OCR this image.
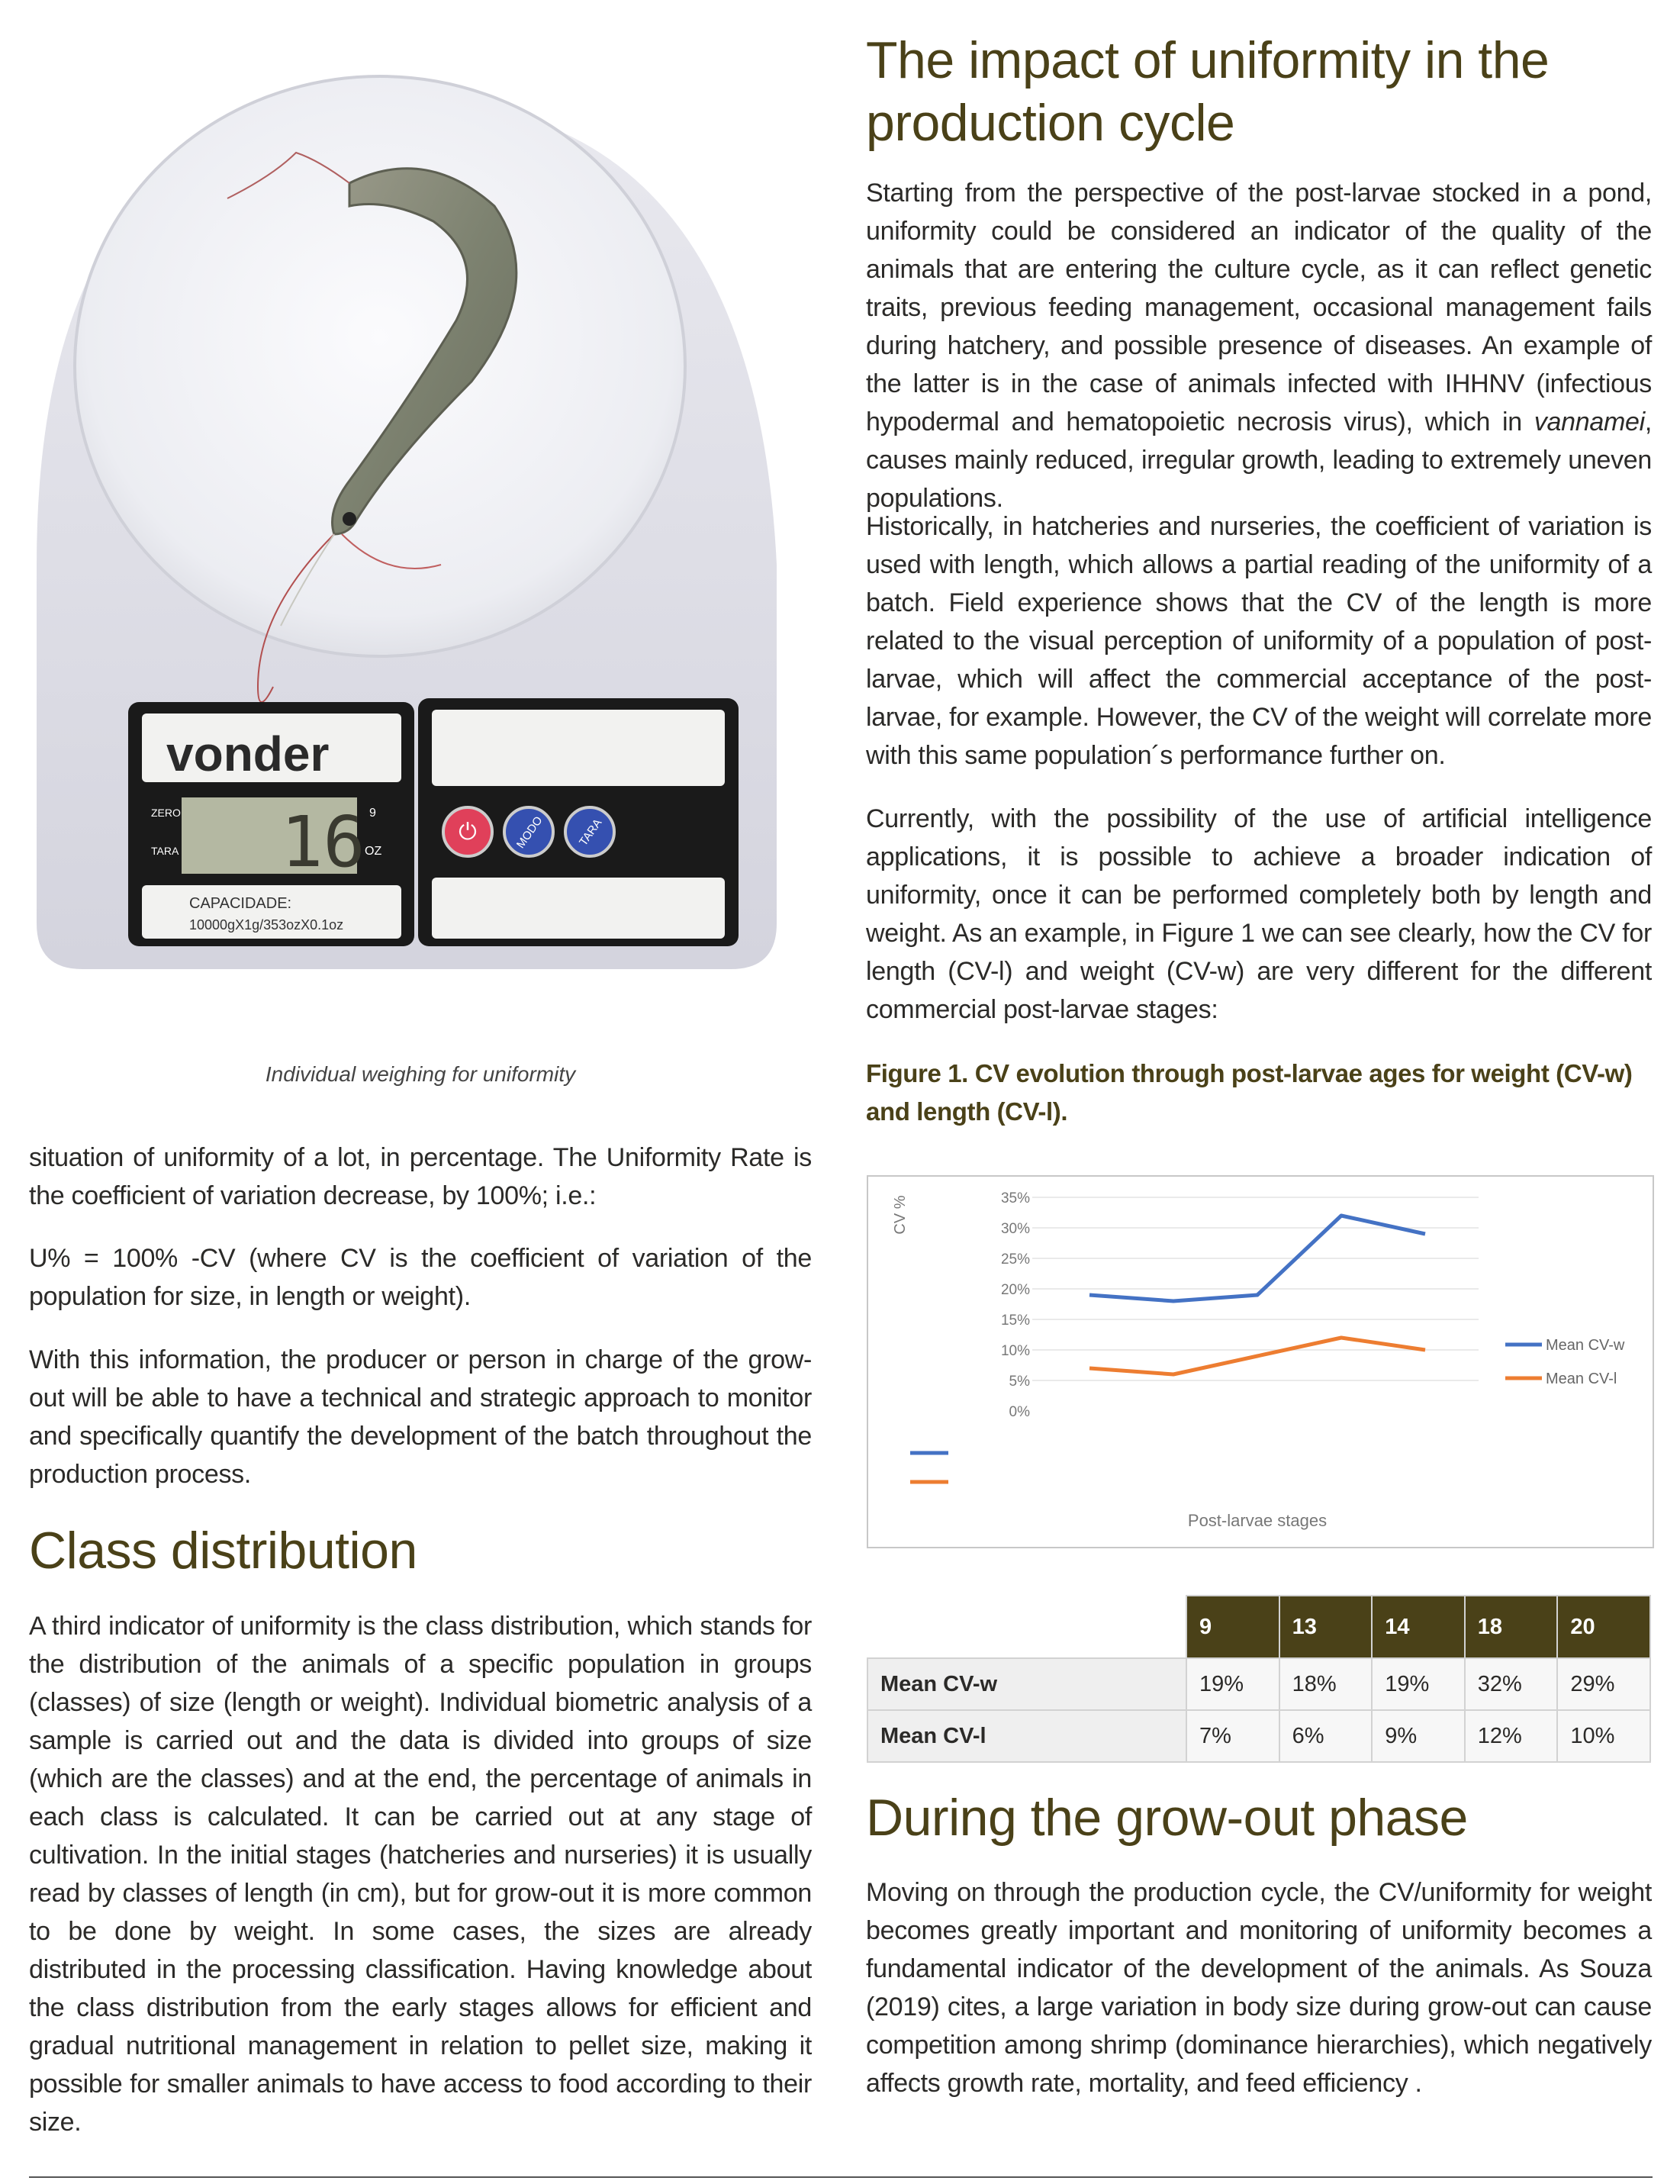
vonder
16
ZERO
TARA
9
OZ
CAPACIDADE:
10000gX1g/353ozX0.1oz
⏻	MODO	TARA
Credit: SynbiAqua
Individual weighing for uniformity

situation of uniformity of a lot, in percentage. The Uniformity Rate is the coefficient of variation decrease, by 100%; i.e.:

U% = 100% -CV (where CV is the coefficient of variation of the population for size, in length or weight).

With this information, the producer or person in charge of the grow-out will be able to have a technical and strategic approach to monitor and specifically quantify the development of the batch throughout the production process.

Class distribution

A third indicator of uniformity is the class distribution, which stands for the distribution of the animals of a specific population in groups (classes) of size (length or weight). Individual biometric analysis of a sample is carried out and the data is divided into groups of size (which are the classes) and at the end, the percentage of animals in each class is calculated. It can be carried out at any stage of cultivation. In the initial stages (hatcheries and nurseries) it is usually read by classes of length (in cm), but for grow-out it is more common to be done by weight. In some cases, the sizes are already distributed in the processing classification. Having knowledge about the class distribution from the early stages allows for efficient and gradual nutritional management in relation to pellet size, making it possible for smaller animals to have access to food according to their size.

The impact of uniformity in the production cycle

Starting from the perspective of the post-larvae stocked in a pond, uniformity could be considered an indicator of the quality of the animals that are entering the culture cycle, as it can reflect genetic traits, previous feeding management, occasional management fails during hatchery, and possible presence of diseases. An example of the latter is in the case of animals infected with IHHNV (infectious hypodermal and hematopoietic necrosis virus), which in vannamei, causes mainly reduced, irregular growth, leading to extremely uneven populations.

Historically, in hatcheries and nurseries, the coefficient of variation is used with length, which allows a partial reading of the uniformity of a batch. Field experience shows that the CV of the length is more related to the visual perception of uniformity of a population of post-larvae, which will affect the commercial acceptance of the post-larvae, for example. However, the CV of the weight will correlate more with this same population´s performance further on.

Currently, with the possibility of the use of artificial intelligence applications, it is possible to achieve a broader indication of uniformity, once it can be performed completely both by length and weight. As an example, in Figure 1 we can see clearly, how the CV for length (CV-l) and weight (CV-w) are very different for the different commercial post-larvae stages:

Figure 1. CV evolution through post-larvae ages for weight (CV-w) and length (CV-l).

35%
30%
25%
20%
15%
10%
5%
0%
CV %
Post-larvae stages
Mean CV-w
Mean CV-l
	9	13	14	18	20
Mean CV-w	19%	18%	19%	32%	29%
Mean CV-l	7%	6%	9%	12%	10%
During the grow-out phase

Moving on through the production cycle, the CV/uniformity for weight becomes greatly important and monitoring of uniformity becomes a fundamental indicator of the development of the animals. As Souza (2019) cites, a large variation in body size during grow-out can cause competition among shrimp (dominance hierarchies), which negatively affects growth rate, mortality, and feed efficiency .
